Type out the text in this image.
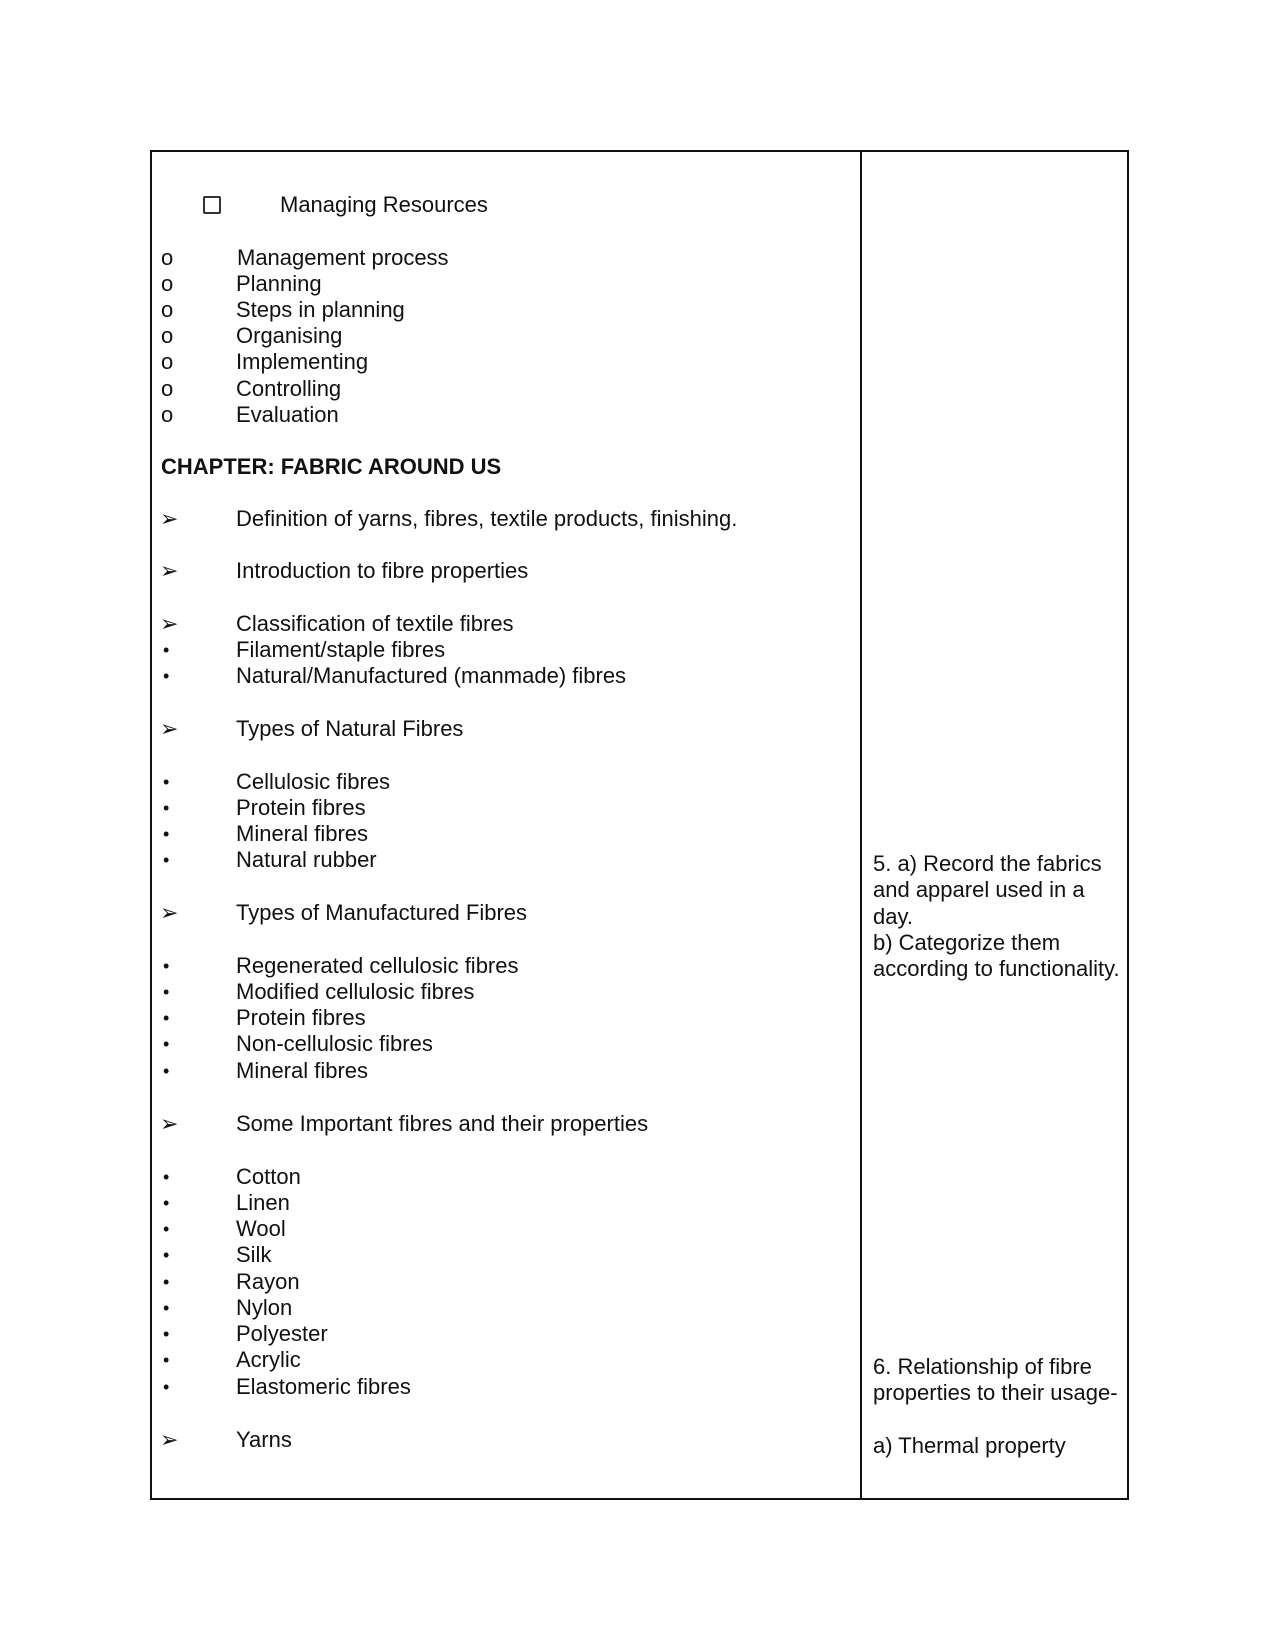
Managing Resources
o	Management process
o	Planning
o	Steps in planning
o	Organising
o	Implementing
o	Controlling
o	Evaluation
CHAPTER: FABRIC AROUND US
➢	Definition of yarns, fibres, textile products, finishing.
➢	Introduction to fibre properties
➢	Classification of textile fibres
•	Filament/staple fibres
•	Natural/Manufactured (manmade) fibres
➢	Types of Natural Fibres
•	Cellulosic fibres
•	Protein fibres
•	Mineral fibres
•	Natural rubber
➢	Types of Manufactured Fibres
•	Regenerated cellulosic fibres
•	Modified cellulosic fibres
•	Protein fibres
•	Non-cellulosic fibres
•	Mineral fibres
➢	Some Important fibres and their properties
•	Cotton
•	Linen
•	Wool
•	Silk
•	Rayon
•	Nylon
•	Polyester
•	Acrylic
•	Elastomeric fibres
➢	Yarns
5. a) Record the fabrics and apparel used in a day.
b) Categorize them according to functionality.
6. Relationship of fibre properties to their usage-

a) Thermal property
